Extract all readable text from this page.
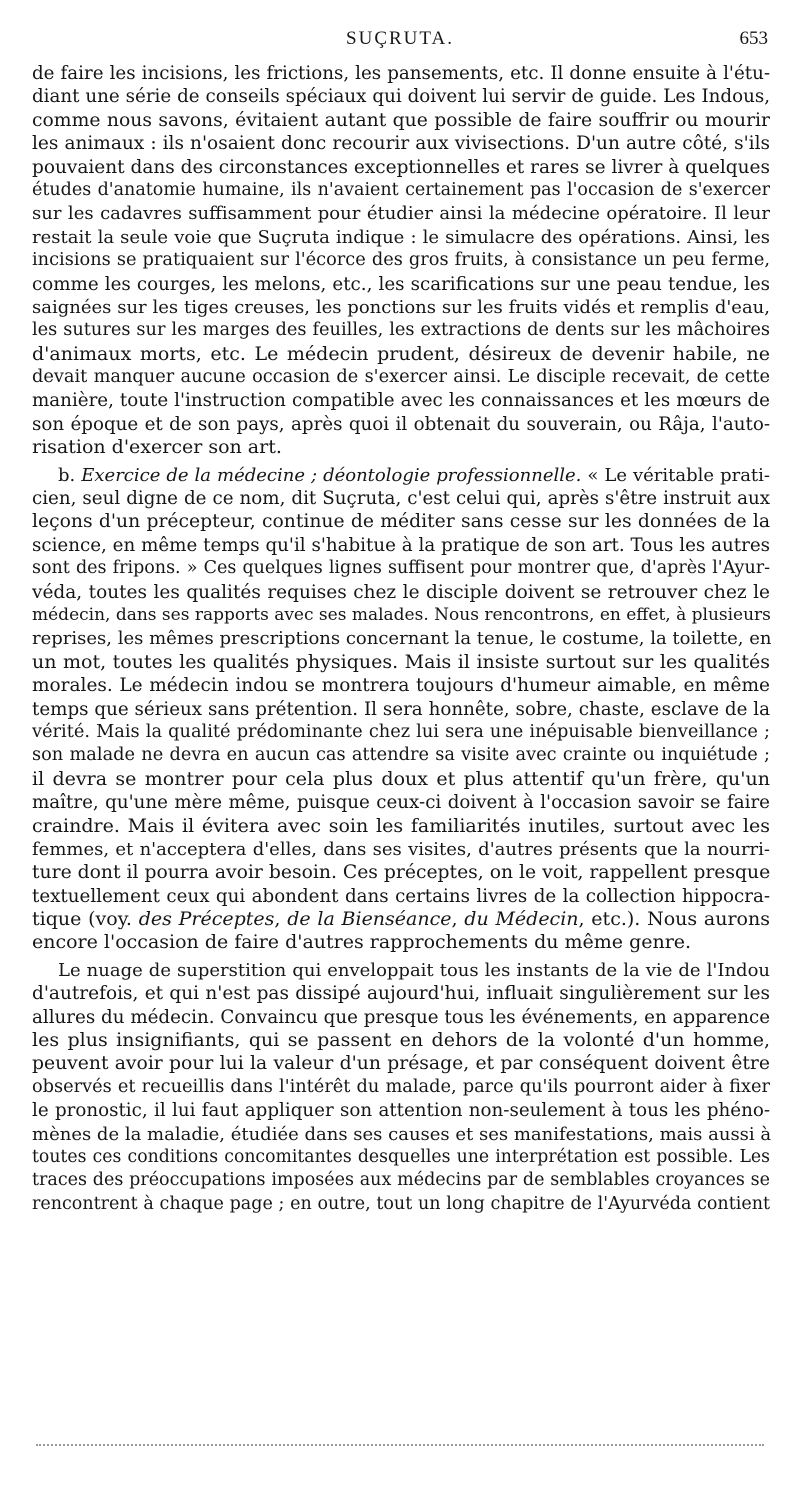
SUÇRUTA.	653
de faire les incisions, les frictions, les pansements, etc. Il donne ensuite à l'étu-
diant une série de conseils spéciaux qui doivent lui servir de guide. Les Indous,
comme nous savons, évitaient autant que possible de faire souffrir ou mourir
les animaux : ils n'osaient donc recourir aux vivisections. D'un autre côté, s'ils
pouvaient dans des circonstances exceptionnelles et rares se livrer à quelques
études d'anatomie humaine, ils n'avaient certainement pas l'occasion de s'exercer
sur les cadavres suffisamment pour étudier ainsi la médecine opératoire. Il leur
restait la seule voie que Suçruta indique : le simulacre des opérations. Ainsi, les
incisions se pratiquaient sur l'écorce des gros fruits, à consistance un peu ferme,
comme les courges, les melons, etc., les scarifications sur une peau tendue, les
saignées sur les tiges creuses, les ponctions sur les fruits vidés et remplis d'eau,
les sutures sur les marges des feuilles, les extractions de dents sur les mâchoires
d'animaux morts, etc. Le médecin prudent, désireux de devenir habile, ne
devait manquer aucune occasion de s'exercer ainsi. Le disciple recevait, de cette
manière, toute l'instruction compatible avec les connaissances et les mœurs de
son époque et de son pays, après quoi il obtenait du souverain, ou Râja, l'auto-
risation d'exercer son art.
b. Exercice de la médecine ; déontologie professionnelle. « Le véritable prati-
cien, seul digne de ce nom, dit Suçruta, c'est celui qui, après s'être instruit aux
leçons d'un précepteur, continue de méditer sans cesse sur les données de la
science, en même temps qu'il s'habitue à la pratique de son art. Tous les autres
sont des fripons. » Ces quelques lignes suffisent pour montrer que, d'après l'Ayur-
véda, toutes les qualités requises chez le disciple doivent se retrouver chez le
médecin, dans ses rapports avec ses malades. Nous rencontrons, en effet, à plusieurs
reprises, les mêmes prescriptions concernant la tenue, le costume, la toilette, en
un mot, toutes les qualités physiques. Mais il insiste surtout sur les qualités
morales. Le médecin indou se montrera toujours d'humeur aimable, en même
temps que sérieux sans prétention. Il sera honnête, sobre, chaste, esclave de la
vérité. Mais la qualité prédominante chez lui sera une inépuisable bienveillance ;
son malade ne devra en aucun cas attendre sa visite avec crainte ou inquiétude ;
il devra se montrer pour cela plus doux et plus attentif qu'un frère, qu'un
maître, qu'une mère même, puisque ceux-ci doivent à l'occasion savoir se faire
craindre. Mais il évitera avec soin les familiarités inutiles, surtout avec les
femmes, et n'acceptera d'elles, dans ses visites, d'autres présents que la nourri-
ture dont il pourra avoir besoin. Ces préceptes, on le voit, rappellent presque
textuellement ceux qui abondent dans certains livres de la collection hippocra-
tique (voy. des Préceptes, de la Bienséance, du Médecin, etc.). Nous aurons
encore l'occasion de faire d'autres rapprochements du même genre.
Le nuage de superstition qui enveloppait tous les instants de la vie de l'Indou
d'autrefois, et qui n'est pas dissipé aujourd'hui, influait singulièrement sur les
allures du médecin. Convaincu que presque tous les événements, en apparence
les plus insignifiants, qui se passent en dehors de la volonté d'un homme,
peuvent avoir pour lui la valeur d'un présage, et par conséquent doivent être
observés et recueillis dans l'intérêt du malade, parce qu'ils pourront aider à fixer
le pronostic, il lui faut appliquer son attention non-seulement à tous les phéno-
mènes de la maladie, étudiée dans ses causes et ses manifestations, mais aussi à
toutes ces conditions concomitantes desquelles une interprétation est possible. Les
traces des préoccupations imposées aux médecins par de semblables croyances se
rencontrent à chaque page ; en outre, tout un long chapitre de l'Ayurvéda contient
